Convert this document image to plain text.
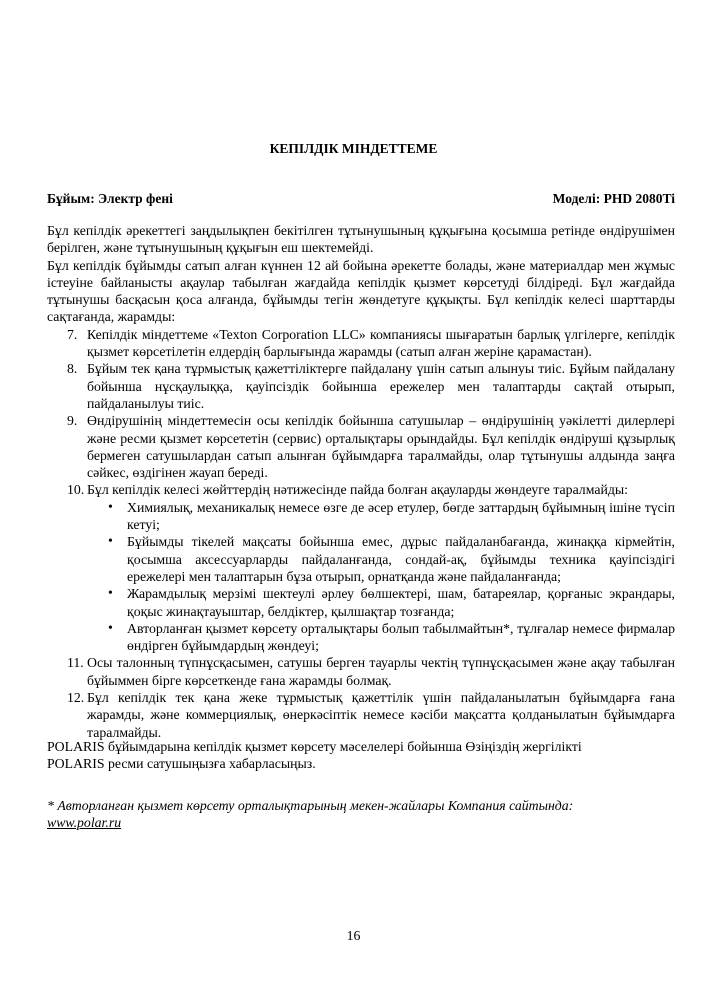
КЕПІЛДІК МІНДЕТТЕМЕ
Бұйым: Электр фені	Моделі: PHD 2080Ti

Бұл кепілдік әрекеттегі заңдылықпен бекітілген тұтынушының құқығына қосымша ретінде өндірушімен берілген, және тұтынушының құқығын еш шектемейді.

Бұл кепілдік бұйымды сатып алған күннен 12 ай бойына әрекетте болады, және материалдар мен жұмыс істеуіне байланысты ақаулар табылған жағдайда кепілдік қызмет көрсетуді білдіреді. Бұл жағдайда тұтынушы басқасын қоса алғанда, бұйымды тегін жөндетуге құқықты. Бұл кепілдік келесі шарттарды сақтағанда, жарамды:

7. Кепілдік міндеттеме «Texton Corporation LLC» компаниясы шығаратын барлық үлгілерге, кепілдік қызмет көрсетілетін елдердің барлығында жарамды (сатып алған жеріне қарамастан).
8. Бұйым тек қана тұрмыстық қажеттіліктерге пайдалану үшін сатып алынуы тиіс. Бұйым пайдалану бойынша нұсқаулыққа, қауіпсіздік бойынша ережелер мен талаптарды сақтай отырып, пайдаланылуы тиіс.
9. Өндірушінің міндеттемесін осы кепілдік бойынша сатушылар – өндірушінің уәкілетті дилерлері және ресми қызмет көрсететін (сервис) орталықтары орындайды. Бұл кепілдік өндіруші құзырлық бермеген сатушылардан сатып алынған бұйымдарға таралмайды, олар тұтынушы алдында заңға сәйкес, өздігінен жауап береді.
10. Бұл кепілдік келесі жөйттердің нәтижесінде пайда болған ақауларды жөндеуге таралмайды:
• Химиялық, механикалық немесе өзге де әсер етулер, бөгде заттардың бұйымның ішіне түсіп кетуі;
• Бұйымды тікелей мақсаты бойынша емес, дұрыс пайдаланбағанда, жинаққа кірмейтін, қосымша аксессуарларды пайдаланғанда, сондай-ақ, бұйымды техника қауіпсіздігі ережелері мен талаптарын бұза отырып, орнатқанда және пайдаланғанда;
• Жарамдылық мерзімі шектеулі әрлеу бөлшектері, шам, батареялар, қорғаныс экрандары, қоқыс жинақтауыштар, белдіктер, қылшақтар тозғанда;
• Авторланған қызмет көрсету орталықтары болып табылмайтын*, тұлғалар немесе фирмалар өндірген бұйымдардың жөндеуі;
11. Осы талонның түпнұсқасымен, сатушы берген тауарлы чектің түпнұсқасымен және ақау табылған бұйыммен бірге көрсеткенде ғана жарамды болмақ.
12. Бұл кепілдік тек қана жеке тұрмыстық қажеттілік үшін пайдаланылатын бұйымдарға ғана жарамды, және коммерциялық, өнеркәсіптік немесе кәсіби мақсатта қолданылатын бұйымдарға таралмайды.

POLARIS бұйымдарына кепілдік қызмет көрсету мәселелері бойынша Өзіңіздің жергілікті

POLARIS ресми сатушыңызға хабарласыңыз.

* Авторланған қызмет көрсету орталықтарының мекен-жайлары Компания сайтында:
www.polar.ru
16
